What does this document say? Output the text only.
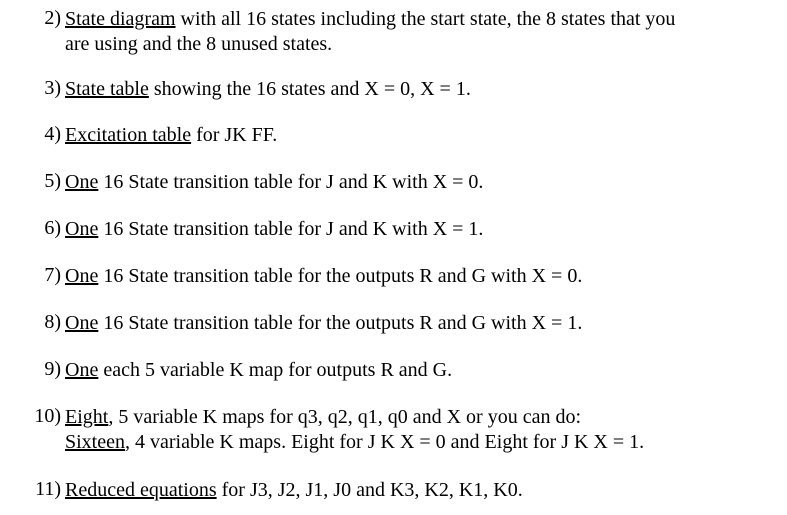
2) State diagram with all 16 states including the start state, the 8 states that you
are using and the 8 unused states.
3) State table showing the 16 states and X = 0, X = 1.
4) Excitation table for JK FF.
5) One 16 State transition table for J and K with X = 0.
6) One 16 State transition table for J and K with X = 1.
7) One 16 State transition table for the outputs R and G with X = 0.
8) One 16 State transition table for the outputs R and G with X = 1.
9) One each 5 variable K map for outputs R and G.
10) Eight, 5 variable K maps for q3, q2, q1, q0 and X or you can do:
Sixteen, 4 variable K maps. Eight for J K X = 0 and Eight for J K X = 1.
11) Reduced equations for J3, J2, J1, J0 and K3, K2, K1, K0.
